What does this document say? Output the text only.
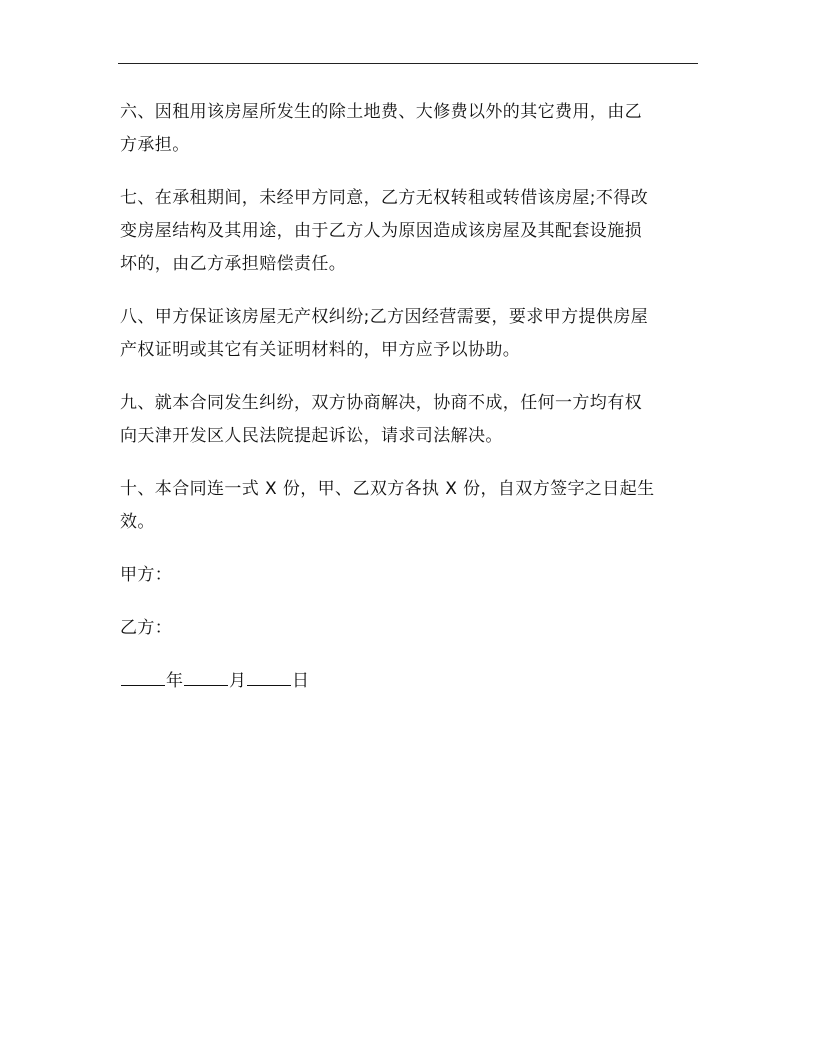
六、因租用该房屋所发生的除土地费、大修费以外的其它费用，由乙
方承担。

七、在承租期间，未经甲方同意，乙方无权转租或转借该房屋;不得改
变房屋结构及其用途，由于乙方人为原因造成该房屋及其配套设施损
坏的，由乙方承担赔偿责任。

八、甲方保证该房屋无产权纠纷;乙方因经营需要，要求甲方提供房屋
产权证明或其它有关证明材料的，甲方应予以协助。

九、就本合同发生纠纷，双方协商解决，协商不成，任何一方均有权
向天津开发区人民法院提起诉讼，请求司法解决。

十、本合同连一式 X 份，甲、乙双方各执 X 份，自双方签字之日起生
效。

甲方：

乙方：

年	月	日
